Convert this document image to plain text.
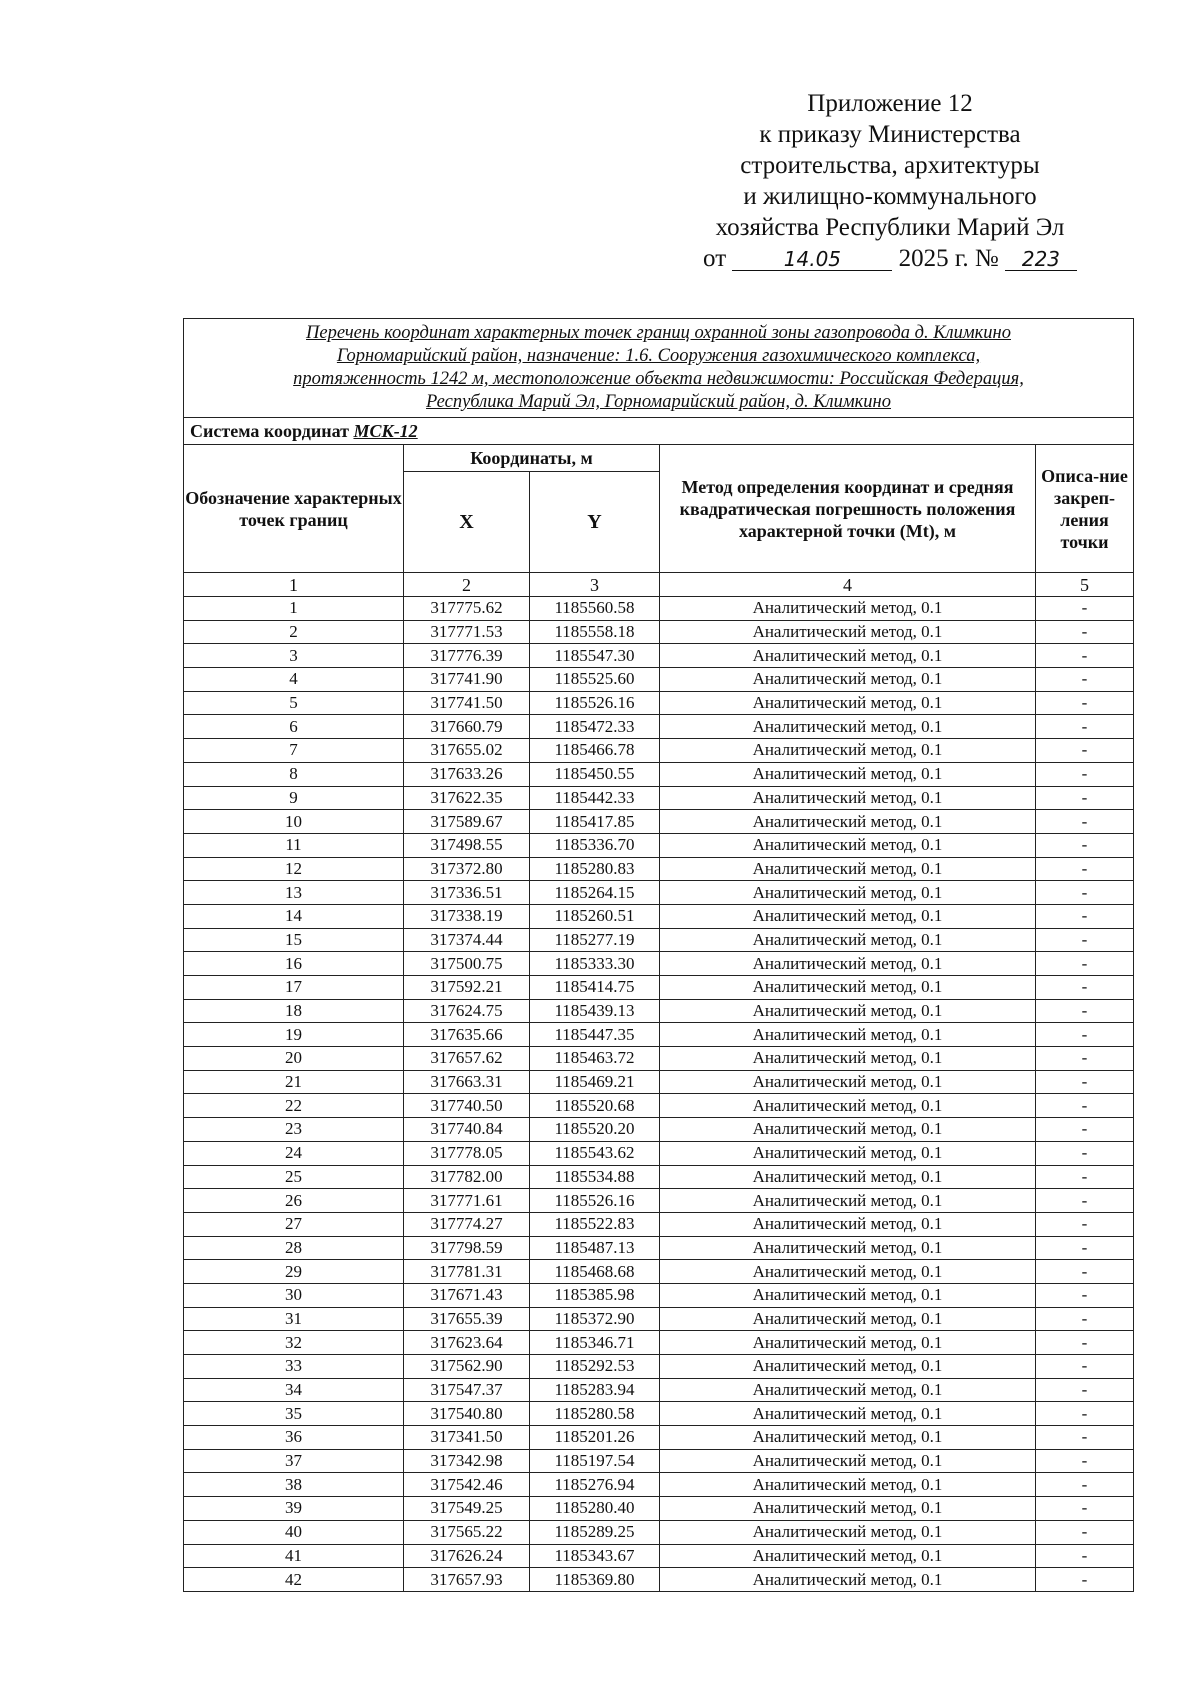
Приложение 12
к приказу Министерства
строительства, архитектуры
и жилищно-коммунального
хозяйства Республики Марий Эл
от	14.05 2025 г. № 223
Перечень координат характерных точек границ охранной зоны газопровода д. Климкино
Горномарийский район, назначение: 1.6. Сооружения газохимического комплекса,
протяженность 1242 м, местоположение объекта недвижимости: Российская Федерация,
Республика Марий Эл, Горномарийский район, д. Климкино				

Система координат МСК-12				
Обозначение характерных точек границ	Координаты, м		Метод определения координат и средняя квадратическая погрешность положения характерной точки (Mt), м	Описа-ние закреп-ления точки
	X	Y		
1	2	3	4	5
1	317775.62	1185560.58	Аналитический метод, 0.1	-
2	317771.53	1185558.18	Аналитический метод, 0.1	-
3	317776.39	1185547.30	Аналитический метод, 0.1	-
4	317741.90	1185525.60	Аналитический метод, 0.1	-
5	317741.50	1185526.16	Аналитический метод, 0.1	-
6	317660.79	1185472.33	Аналитический метод, 0.1	-
7	317655.02	1185466.78	Аналитический метод, 0.1	-
8	317633.26	1185450.55	Аналитический метод, 0.1	-
9	317622.35	1185442.33	Аналитический метод, 0.1	-
10	317589.67	1185417.85	Аналитический метод, 0.1	-
11	317498.55	1185336.70	Аналитический метод, 0.1	-
12	317372.80	1185280.83	Аналитический метод, 0.1	-
13	317336.51	1185264.15	Аналитический метод, 0.1	-
14	317338.19	1185260.51	Аналитический метод, 0.1	-
15	317374.44	1185277.19	Аналитический метод, 0.1	-
16	317500.75	1185333.30	Аналитический метод, 0.1	-
17	317592.21	1185414.75	Аналитический метод, 0.1	-
18	317624.75	1185439.13	Аналитический метод, 0.1	-
19	317635.66	1185447.35	Аналитический метод, 0.1	-
20	317657.62	1185463.72	Аналитический метод, 0.1	-
21	317663.31	1185469.21	Аналитический метод, 0.1	-
22	317740.50	1185520.68	Аналитический метод, 0.1	-
23	317740.84	1185520.20	Аналитический метод, 0.1	-
24	317778.05	1185543.62	Аналитический метод, 0.1	-
25	317782.00	1185534.88	Аналитический метод, 0.1	-
26	317771.61	1185526.16	Аналитический метод, 0.1	-
27	317774.27	1185522.83	Аналитический метод, 0.1	-
28	317798.59	1185487.13	Аналитический метод, 0.1	-
29	317781.31	1185468.68	Аналитический метод, 0.1	-
30	317671.43	1185385.98	Аналитический метод, 0.1	-
31	317655.39	1185372.90	Аналитический метод, 0.1	-
32	317623.64	1185346.71	Аналитический метод, 0.1	-
33	317562.90	1185292.53	Аналитический метод, 0.1	-
34	317547.37	1185283.94	Аналитический метод, 0.1	-
35	317540.80	1185280.58	Аналитический метод, 0.1	-
36	317341.50	1185201.26	Аналитический метод, 0.1	-
37	317342.98	1185197.54	Аналитический метод, 0.1	-
38	317542.46	1185276.94	Аналитический метод, 0.1	-
39	317549.25	1185280.40	Аналитический метод, 0.1	-
40	317565.22	1185289.25	Аналитический метод, 0.1	-
41	317626.24	1185343.67	Аналитический метод, 0.1	-
42	317657.93	1185369.80	Аналитический метод, 0.1	-
